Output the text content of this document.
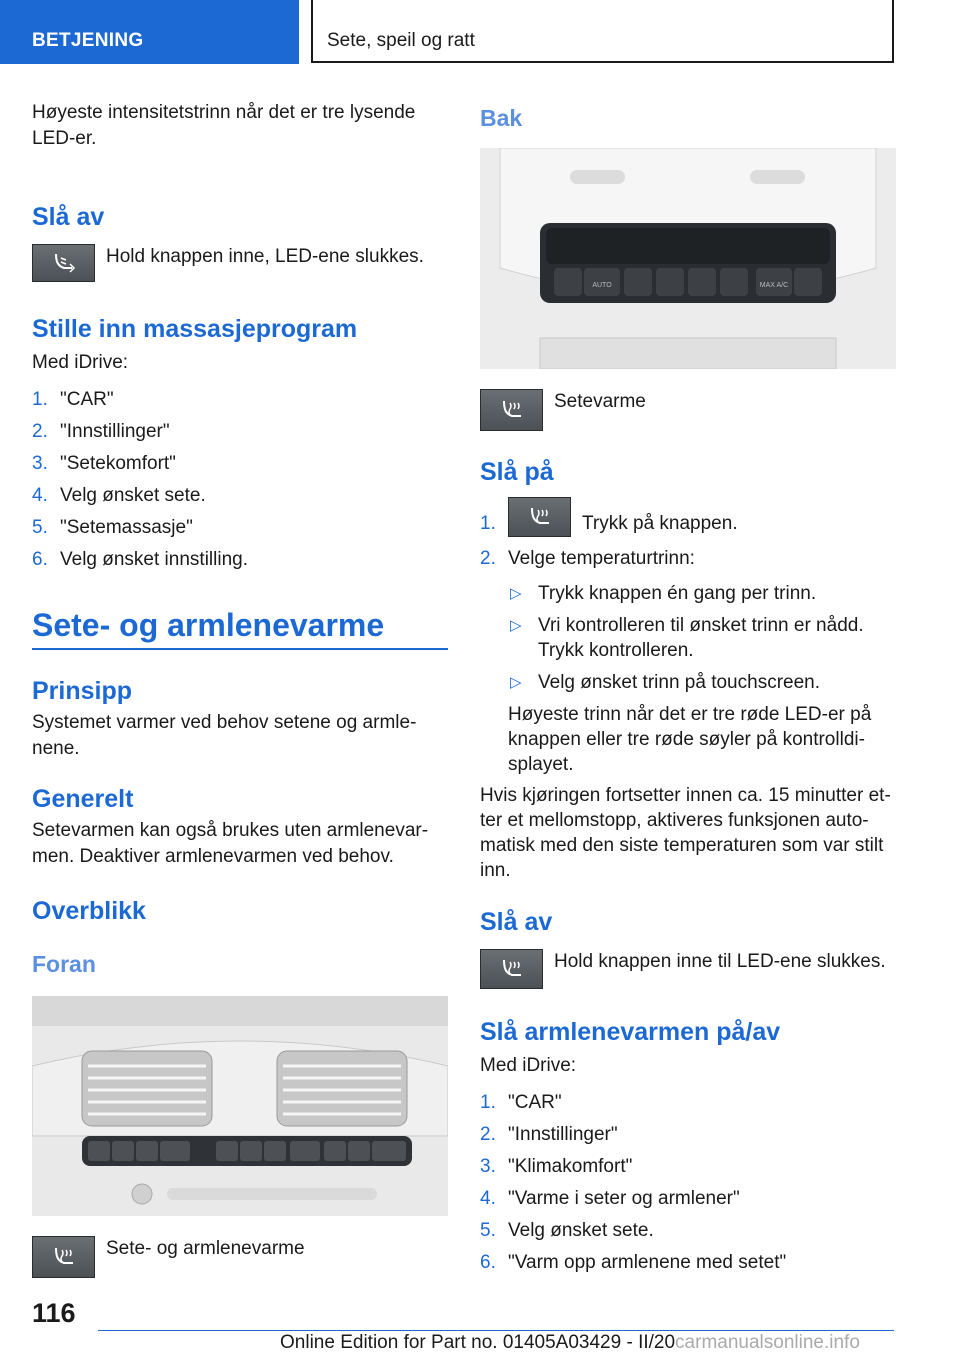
BETJENING	Sete, speil og ratt

Høyeste intensitetstrinn når det er tre lysende LED-er.

Slå av
Hold knappen inne, LED-ene slukkes.
Stille inn massasjeprogram

Med iDrive:

1. "CAR"
2. "Innstillinger"
3. "Setekomfort"
4. Velg ønsket sete.
5. "Setemassasje"
6. Velg ønsket innstilling.
Sete- og armlenevarme
Prinsipp

Systemet varmer ved behov setene og armle-nene.

Generelt

Setevarmen kan også brukes uten armlenevar-men. Deaktiver armlenevarmen ved behov.

Overblikk
Foran
Sete- og armlenevarme
Bak
AUTO	MAX A/C
Setevarme
Slå på
1.	Trykk på knappen.
2. Velge temperaturtrinn:
▷ Trykk knappen én gang per trinn.
▷ Vri kontrolleren til ønsket trinn er nådd. Trykk kontrolleren.
▷ Velg ønsket trinn på touchscreen.

Høyeste trinn når det er tre røde LED-er på knappen eller tre røde søyler på kontrolldi-splayet.

Hvis kjøringen fortsetter innen ca. 15 minutter et-ter et mellomstopp, aktiveres funksjonen auto-matisk med den siste temperaturen som var stilt inn.

Slå av
Hold knappen inne til LED-ene slukkes.
Slå armlenevarmen på/av

Med iDrive:

1. "CAR"
2. "Innstillinger"
3. "Klimakomfort"
4. "Varme i seter og armlener"
5. Velg ønsket sete.
6. "Varm opp armlenene med setet"
116
Online Edition for Part no. 01405A03429 - II/20carmanualsonline.info
